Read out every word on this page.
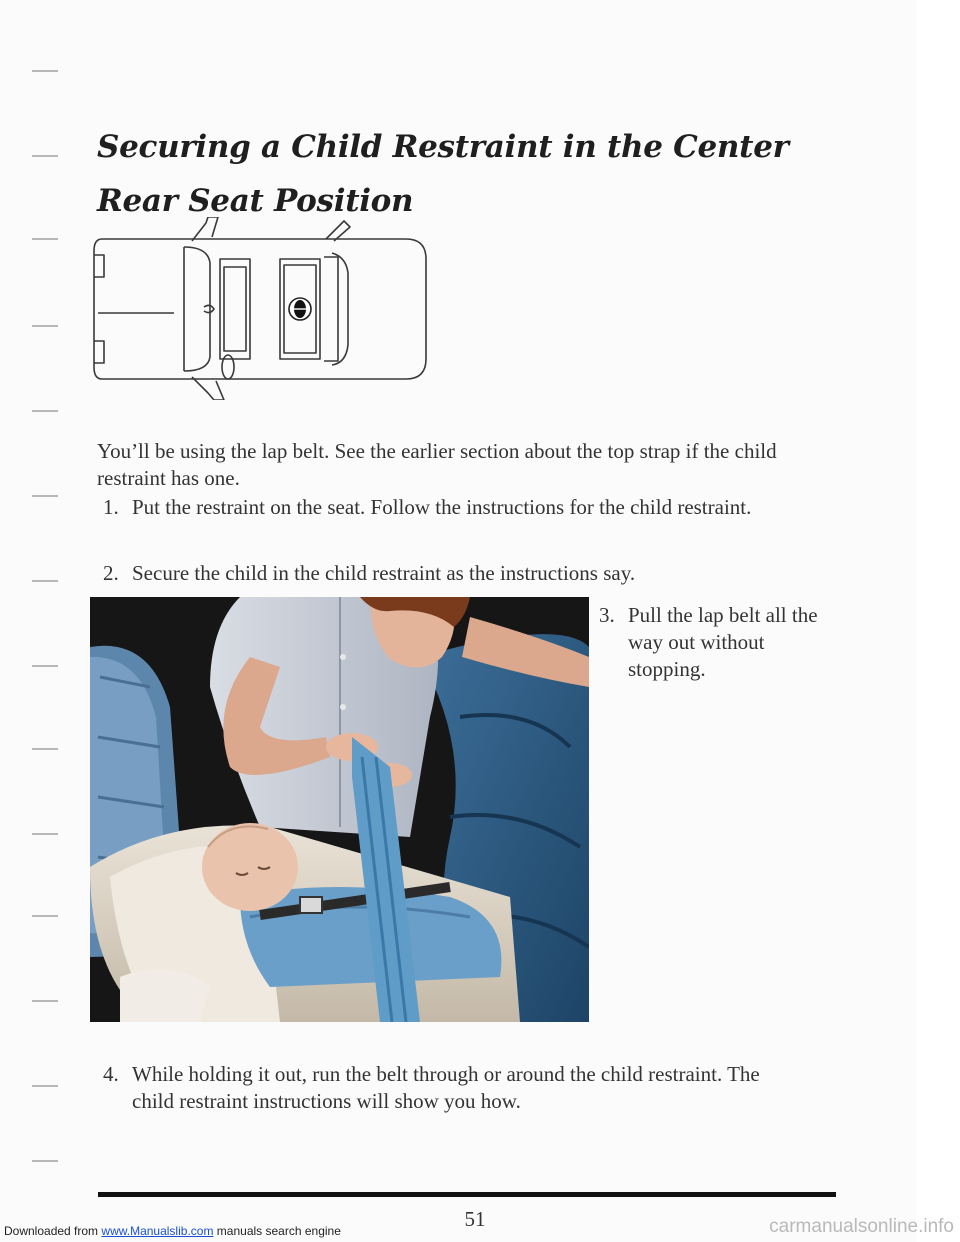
Securing a Child Restraint in the Center Rear Seat Position

You’ll be using the lap belt. See the earlier section about the top strap if the child restraint has one.

1. Put the restraint on the seat. Follow the instructions for the child restraint.
2. Secure the child in the child restraint as the instructions say.
3. Pull the lap belt all the way out without stopping.
4. While holding it out, run the belt through or around the child restraint. The child restraint instructions will show you how.
51
Downloaded from www.Manualslib.com manuals search engine	carmanualsonline.info
